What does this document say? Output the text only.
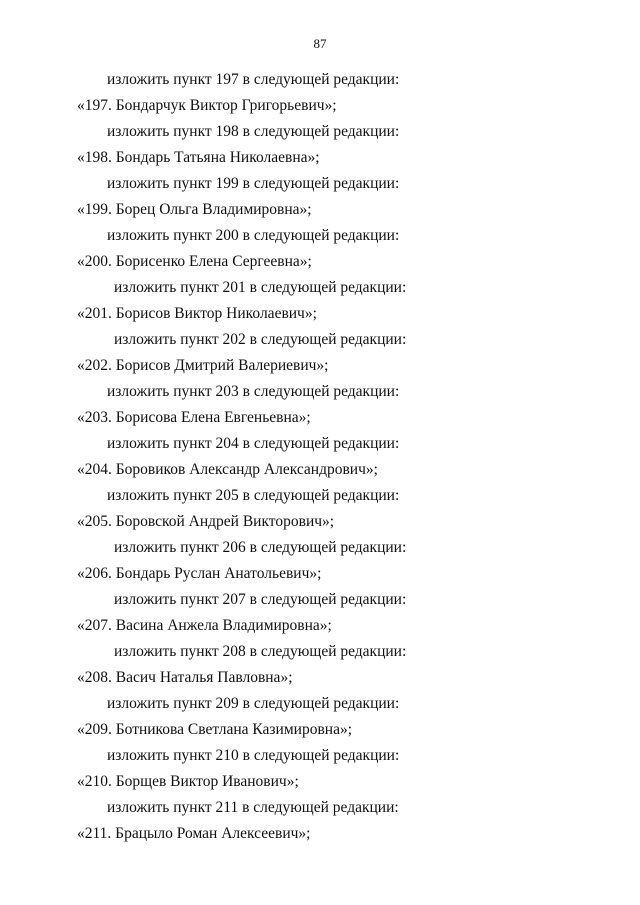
87
изложить пункт 197 в следующей редакции:
«197. Бондарчук Виктор Григорьевич»;
изложить пункт 198 в следующей редакции:
«198. Бондарь Татьяна Николаевна»;
изложить пункт 199 в следующей редакции:
«199. Борец Ольга Владимировна»;
изложить пункт 200 в следующей редакции:
«200. Борисенко Елена Сергеевна»;
изложить пункт 201 в следующей редакции:
«201. Борисов Виктор Николаевич»;
изложить пункт 202 в следующей редакции:
«202. Борисов Дмитрий Валериевич»;
изложить пункт 203 в следующей редакции:
«203. Борисова Елена Евгеньевна»;
изложить пункт 204 в следующей редакции:
«204. Боровиков Александр Александрович»;
изложить пункт 205 в следующей редакции:
«205. Боровской Андрей Викторович»;
изложить пункт 206 в следующей редакции:
«206. Бондарь Руслан Анатольевич»;
изложить пункт 207 в следующей редакции:
«207. Васина Анжела Владимировна»;
изложить пункт 208 в следующей редакции:
«208. Васич Наталья Павловна»;
изложить пункт 209 в следующей редакции:
«209. Ботникова Светлана Казимировна»;
изложить пункт 210 в следующей редакции:
«210. Борщев Виктор Иванович»;
изложить пункт 211 в следующей редакции:
«211. Брацыло Роман Алексеевич»;
